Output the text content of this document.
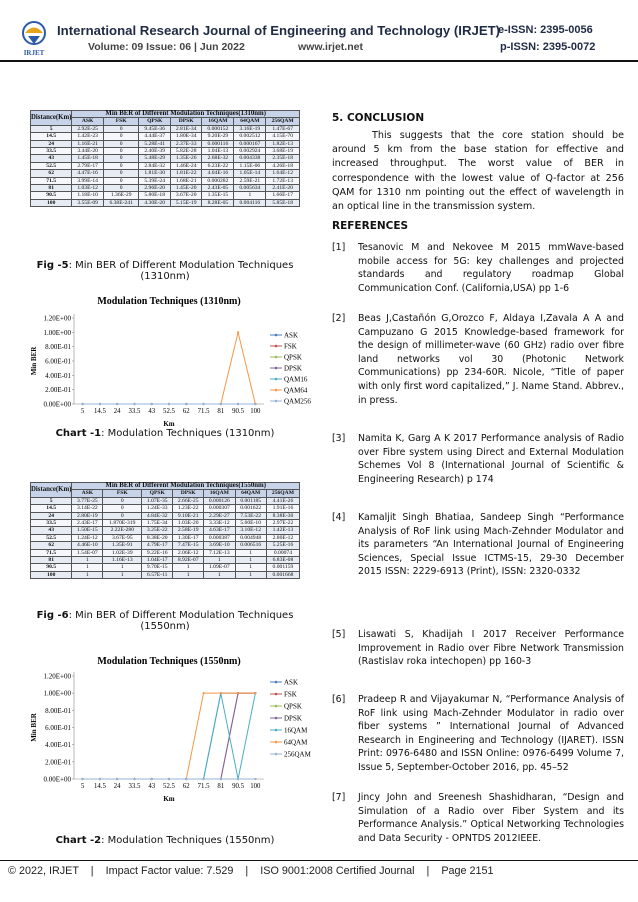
IRJET
International Research Journal of Engineering and Technology (IRJET)
e-ISSN: 2395-0056
Volume: 09 Issue: 06 | Jun 2022	www.irjet.net	p-ISSN: 2395-0072
Distance(Km)	Min BER of Different Modulation Techniques(1310nm)						
	ASK	FSK	QPSK	DPSK	16QAM	64QAM	256QAM
5	2.92E-25	0	9.45E-36	2.81E-34	0.000152	3.16E-19	1.47E-67
14.5	1.42E-23	0	4.44E-37	1.80E-34	9.20E-29	0.002512	4.15E-70
24	1.16E-21	0	5.28E-41	2.37E-33	0.000116	0.000167	1.82E-13
33.5	3.44E-20	0	2.40E-39	5.82E-28	1.04E-13	0.002924	3.68E-19
43	1.45E-18	0	5.48E-29	1.35E-26	2.68E-32	0.004338	2.35E-18
52.5	2.79E-17	0	2.84E-32	1.46E-24	6.23E-22	1.15E-06	4.26E-18
62	4.47E-16	0	1.81E-30	1.81E-22	4.04E-16	1.05E-14	1.64E-12
71.5	3.99E-14	0	5.39E-24	1.68E-21	0.000282	2.59E-21	1.72E-13
81	1.03E-12	0	2.96E-20	1.45E-20	2.43E-05	0.005634	2.41E-20
90.5	1.18E-10	1.36E-29	5.80E-18	3.67E-20	1.35E-15	1	1.66E-17
100	3.55E-09	6.38E-241	4.30E-20	5.15E-19	8.28E-05	0.004116	5.85E-18
Fig -5: Min BER of Different Modulation Techniques (1310nm)
Modulation Techniques (1310nm)
0.00E+00
2.00E-01
4.00E-01
6.00E-01
8.00E-01
1.00E+00
1.20E+00
5 14.5 24 33.5 43 52.5 62 71.5 81 90.5 100
Km
Min BER
ASK
FSK
QPSK
DPSK
QAM16
QAM64
QAM256
Chart -1: Modulation Techniques (1310nm)
Distance(Km)	Min BER of Different Modulation Techniques(1550nm)						
	ASK	FSK	QPSK	DPSK	16QAM	64QAM	256QAM
5	3.77E-25	0	1.07E-35	2.66E-25	0.000126	0.001185	4.41E-26
14.5	3.14E-22	0	1.24E-33	1.23E-22	0.000307	0.001622	1.91E-16
24	2.80E-19	0	4.84E-32	9.10E-21	2.29E-27	7.53E-22	8.38E-30
33.5	2.43E-17	1.870E-319	1.75E-34	1.03E-20	3.33E-12	5.60E-10	2.97E-22
43	1.50E-15	2.22E-280	3.25E-22	2.58E-19	4.63E-17	3.10E-12	1.42E-13
52.5	1.24E-12	3.67E-95	8.38E-20	1.30E-17	0.000387	0.004948	2.80E-12
62	4.46E-10	1.35E-91	4.79E-17	7.47E-15	3.69E-10	0.006516	5.25E-16
71.5	1.54E-07	1.02E-39	9.22E-16	2.06E-12	7.12E-13	1	0.00074
81	1	1.16E-13	1.04E-17	8.92E-07	1	1	6.83E-08
90.5	1	1	9.70E-15	1	1.09E-07	1	0.001159
100	1	1	6.57E-11	1	1	1	0.001668
Fig -6: Min BER of Different Modulation Techniques (1550nm)
Modulation Techniques (1550nm)
0.00E+00
2.00E-01
4.00E-01
6.00E-01
8.00E-01
1.00E+00
1.20E+00
5 14.5 24 33.5 43 52.5 62 71.5 81 90.5 100
Km
Min BER
ASK
FSK
QPSK
DPSK
16QAM
64QAM
256QAM
Chart -2: Modulation Techniques (1550nm)
5. CONCLUSION
This suggests that the core station should be around 5 km from the base station for effective and increased throughput. The worst value of BER in correspondence with the lowest value of Q-factor at 256 QAM for 1310 nm pointing out the effect of wavelength in an optical line in the transmission system.
REFERENCES
[1] Tesanovic M and Nekovee M 2015 mmWave-based mobile access for 5G: key challenges and projected standards and regulatory roadmap Global Communication Conf. (California,USA) pp 1-6
[2] Beas J,Castañón G,Orozco F, Aldaya I,Zavala A A and Campuzano G 2015 Knowledge-based framework for the design of millimeter-wave (60 GHz) radio over fibre land networks vol 30 (Photonic Network Communications) pp 234-60R. Nicole, “Title of paper with only first word capitalized,” J. Name Stand. Abbrev., in press.
[3] Namita K, Garg A K 2017 Performance analysis of Radio over Fibre system using Direct and External Modulation Schemes Vol 8 (International Journal of Scientific & Engineering Research) p 174
[4] Kamaljit Singh Bhatiaa, Sandeep Singh “Performance Analysis of RoF link using Mach-Zehnder Modulator and its parameters “An International Journal of Engineering Sciences, Special Issue ICTMS-15, 29-30 December 2015 ISSN: 2229-6913 (Print), ISSN: 2320-0332
[5] Lisawati S, Khadijah I 2017 Receiver Performance Improvement in Radio over Fibre Network Transmission (Rastislav roka intechopen) pp 160-3
[6] Pradeep R and Vijayakumar N, “Performance Analysis of RoF link using Mach-Zehnder Modulator in radio over fiber systems ” International Journal of Advanced Research in Engineering and Technology (IJARET). ISSN Print: 0976-6480 and ISSN Online: 0976-6499 Volume 7, Issue 5, September-October 2016, pp. 45–52
[7] Jincy John and Sreenesh Shashidharan, “Design and Simulation of a Radio over Fiber System and its Performance Analysis.” Optical Networking Technologies and Data Security - OPNTDS 2012IEEE.
© 2022, IRJET    |    Impact Factor value: 7.529    |    ISO 9001:2008 Certified Journal    |    Page 2151
